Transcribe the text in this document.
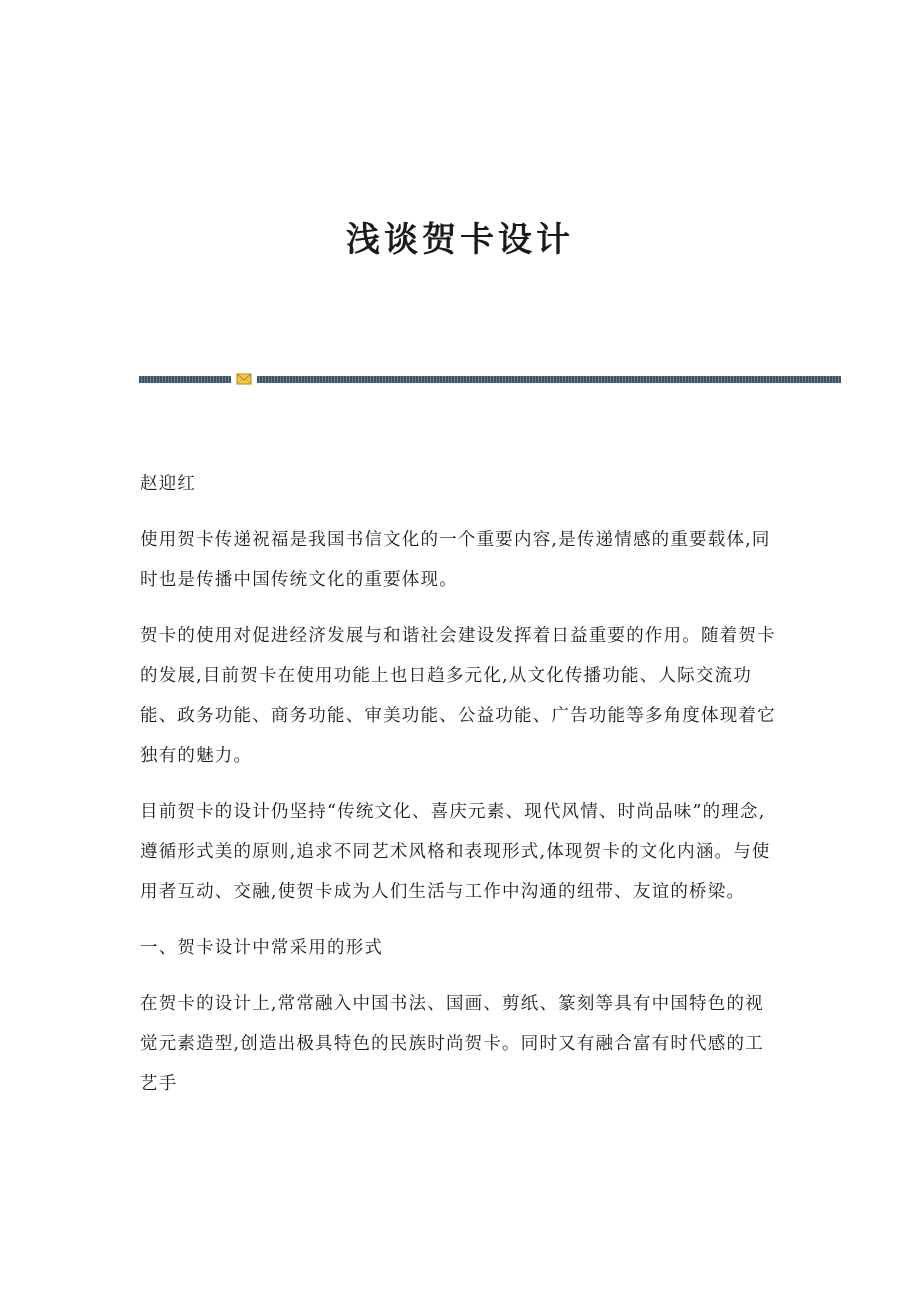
浅谈贺卡设计

赵迎红

使用贺卡传递祝福是我国书信文化的一个重要内容,是传递情感的重要载体,同时也是传播中国传统文化的重要体现。

贺卡的使用对促进经济发展与和谐社会建设发挥着日益重要的作用。随着贺卡的发展,目前贺卡在使用功能上也日趋多元化,从文化传播功能、人际交流功能、政务功能、商务功能、审美功能、公益功能、广告功能等多角度体现着它独有的魅力。

目前贺卡的设计仍坚持“传统文化、喜庆元素、现代风情、时尚品味”的理念,遵循形式美的原则,追求不同艺术风格和表现形式,体现贺卡的文化内涵。与使用者互动、交融,使贺卡成为人们生活与工作中沟通的纽带、友谊的桥梁。

一、贺卡设计中常采用的形式

在贺卡的设计上,常常融入中国书法、国画、剪纸、篆刻等具有中国特色的视觉元素造型,创造出极具特色的民族时尚贺卡。同时又有融合富有时代感的工艺手
